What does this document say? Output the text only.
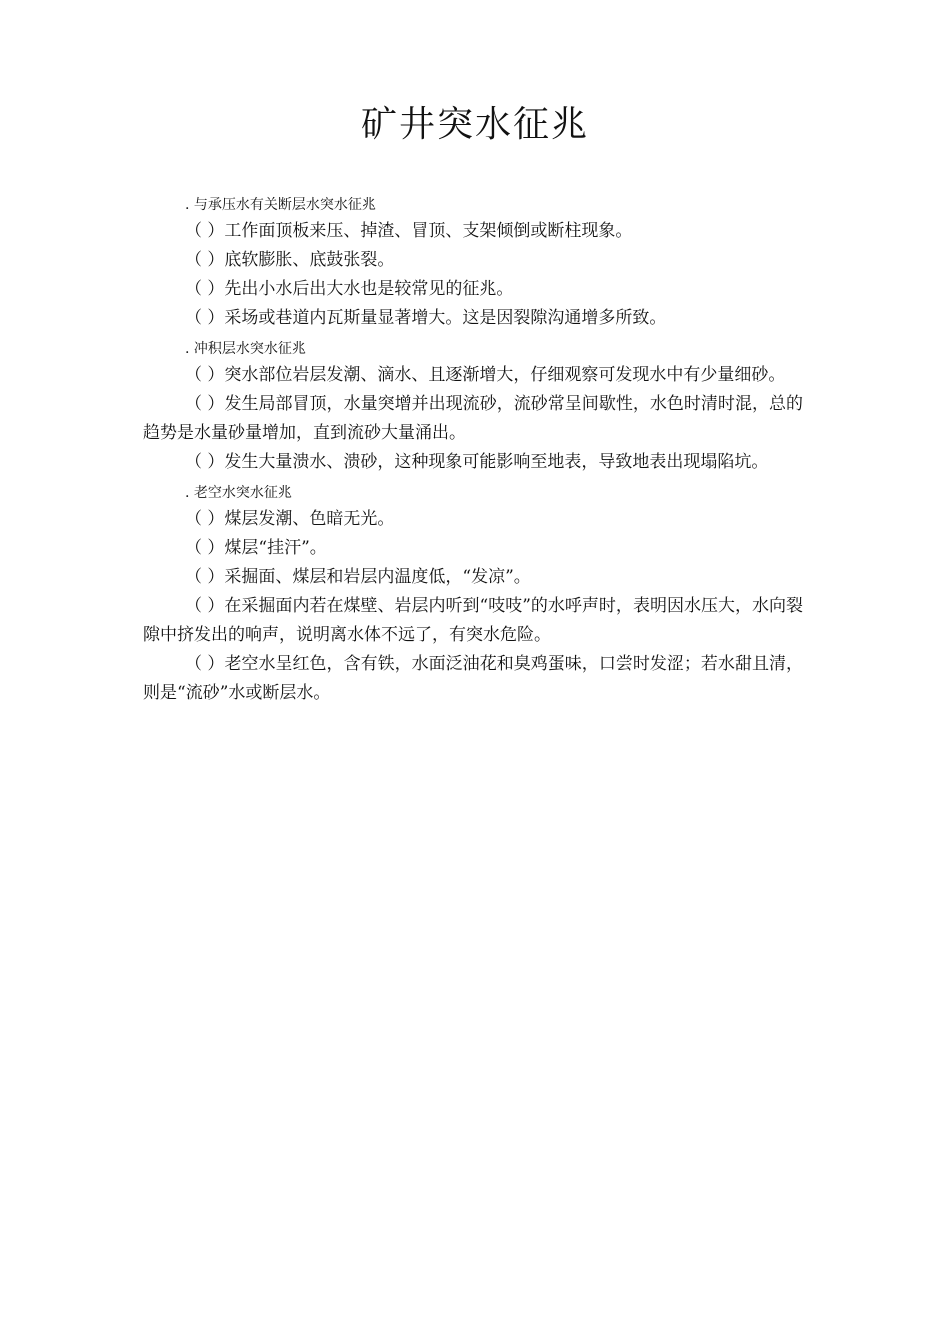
矿井突水征兆
. 与承压水有关断层水突水征兆

（ ）工作面顶板来压、掉渣、冒顶、支架倾倒或断柱现象。

（ ）底软膨胀、底鼓张裂。

（ ）先出小水后出大水也是较常见的征兆。

（ ）采场或巷道内瓦斯量显著增大。这是因裂隙沟通增多所致。

. 冲积层水突水征兆

（ ）突水部位岩层发潮、滴水、且逐渐增大，仔细观察可发现水中有少量细砂。

（ ）发生局部冒顶，水量突增并出现流砂，流砂常呈间歇性，水色时清时混，总的趋势是水量砂量增加，直到流砂大量涌出。

（ ）发生大量溃水、溃砂，这种现象可能影响至地表，导致地表出现塌陷坑。

. 老空水突水征兆

（ ）煤层发潮、色暗无光。

（ ）煤层“挂汗”。

（ ）采掘面、煤层和岩层内温度低，“发凉”。

（ ）在采掘面内若在煤壁、岩层内听到“吱吱”的水呼声时，表明因水压大，水向裂隙中挤发出的响声，说明离水体不远了，有突水危险。

（ ）老空水呈红色，含有铁，水面泛油花和臭鸡蛋味，口尝时发涩；若水甜且清，则是“流砂”水或断层水。
